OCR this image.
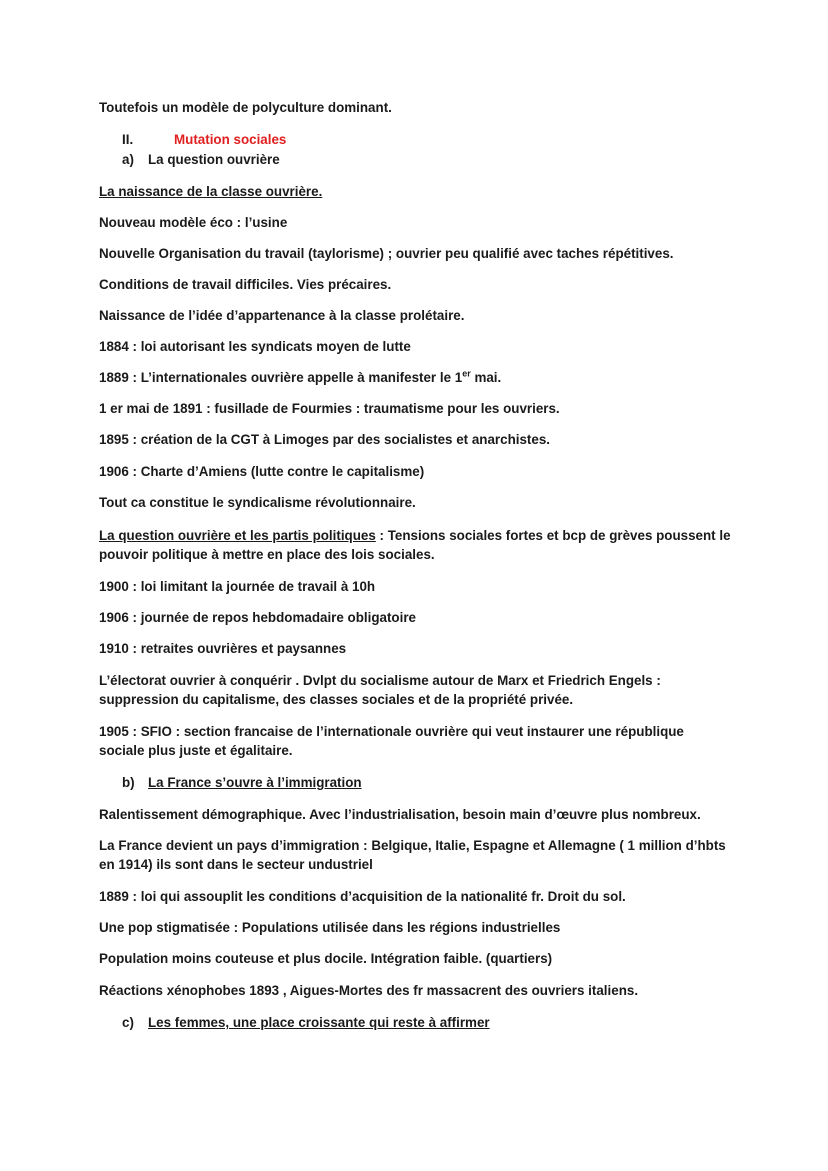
Toutefois un modèle de polyculture dominant.
II.	Mutation sociales
a) La question ouvrière
La naissance de la classe ouvrière.
Nouveau modèle éco : l’usine
Nouvelle Organisation du travail (taylorisme) ; ouvrier peu qualifié avec taches répétitives.
Conditions de travail difficiles. Vies précaires.
Naissance de l’idée d’appartenance à la classe prolétaire.
1884 : loi autorisant les syndicats moyen de lutte
1889 : L’internationales ouvrière appelle à manifester le 1er mai.
1 er mai de 1891 : fusillade de Fourmies : traumatisme pour les ouvriers.
1895 : création de la CGT à Limoges par des socialistes et anarchistes.
1906 : Charte d’Amiens (lutte contre le capitalisme)
Tout ca constitue le syndicalisme révolutionnaire.
La question ouvrière et les partis politiques : Tensions sociales fortes et bcp de grèves poussent le
pouvoir politique à mettre en place des lois sociales.
1900 : loi limitant la journée de travail à 10h
1906 : journée de repos hebdomadaire obligatoire
1910 : retraites ouvrières et paysannes
L’électorat ouvrier à conquérir . Dvlpt du socialisme autour de Marx et Friedrich Engels :
suppression du capitalisme, des classes sociales et de la propriété privée.
1905 : SFIO : section francaise de l’internationale ouvrière qui veut instaurer une république
sociale plus juste et égalitaire.
b) La France s’ouvre à l’immigration
Ralentissement démographique. Avec l’industrialisation, besoin main d’œuvre plus nombreux.
La France devient un pays d’immigration : Belgique, Italie, Espagne et Allemagne ( 1 million d’hbts
en 1914) ils sont dans le secteur undustriel
1889 : loi qui assouplit les conditions d’acquisition de la nationalité fr. Droit du sol.
Une pop stigmatisée : Populations utilisée dans les régions industrielles
Population moins couteuse et plus docile. Intégration faible. (quartiers)
Réactions xénophobes 1893 , Aigues-Mortes des fr massacrent des ouvriers italiens.
c) Les femmes, une place croissante qui reste à affirmer
